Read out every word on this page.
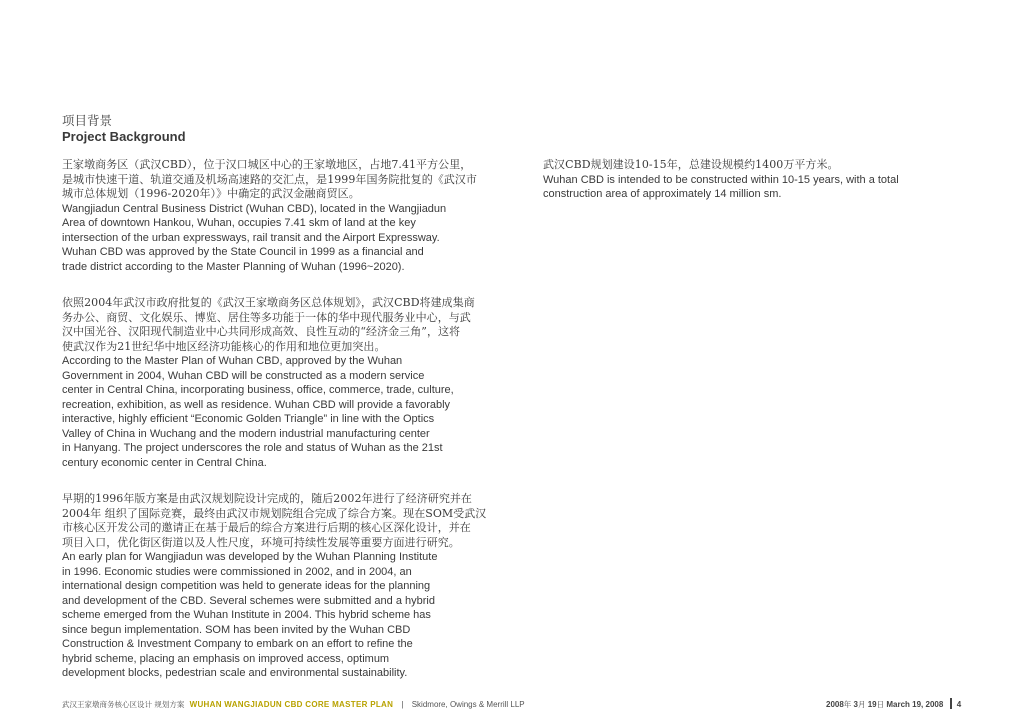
项目背景
Project Background

王家墩商务区（武汉CBD），位于汉口城区中心的王家墩地区，占地7.41平方公里，

是城市快速干道、轨道交通及机场高速路的交汇点，是1999年国务院批复的《武汉市

城市总体规划（1996-2020年）》中确定的武汉金融商贸区。

Wangjiadun Central Business District (Wuhan CBD), located in the Wangjiadun

Area of downtown Hankou, Wuhan, occupies 7.41 skm of land at the key

intersection of the urban expressways, rail transit and the Airport Expressway.

Wuhan CBD was approved by the State Council in 1999 as a financial and

trade district according to the Master Planning of Wuhan (1996~2020).

依照2004年武汉市政府批复的《武汉王家墩商务区总体规划》，武汉CBD将建成集商

务办公、商贸、文化娱乐、博览、居住等多功能于一体的华中现代服务业中心，与武

汉中国光谷、汉阳现代制造业中心共同形成高效、良性互动的“经济金三角”，这将

使武汉作为21世纪华中地区经济功能核心的作用和地位更加突出。

According to the Master Plan of Wuhan CBD, approved by the Wuhan

Government in 2004, Wuhan CBD will be constructed as a modern service

center in Central China, incorporating business, office, commerce, trade, culture,

recreation, exhibition, as well as residence. Wuhan CBD will provide a favorably

interactive, highly efficient “Economic Golden Triangle” in line with the Optics

Valley of China in Wuchang and the modern industrial manufacturing center

in Hanyang. The project underscores the role and status of Wuhan as the 21st

century economic center in Central China.

早期的1996年版方案是由武汉规划院设计完成的，随后2002年进行了经济研究并在

2004年 组织了国际竞赛，最终由武汉市规划院组合完成了综合方案。现在SOM受武汉

市核心区开发公司的邀请正在基于最后的综合方案进行后期的核心区深化设计，并在

项目入口，优化街区街道以及人性尺度，环境可持续性发展等重要方面进行研究。

An early plan for Wangjiadun was developed by the Wuhan Planning Institute

in 1996. Economic studies were commissioned in 2002, and in 2004, an

international design competition was held to generate ideas for the planning

and development of the CBD. Several schemes were submitted and a hybrid

scheme emerged from the Wuhan Institute in 2004. This hybrid scheme has

since begun implementation. SOM has been invited by the Wuhan CBD

Construction & Investment Company to embark on an effort to refine the

hybrid scheme, placing an emphasis on improved access, optimum

development blocks, pedestrian scale and environmental sustainability.

武汉CBD规划建设10-15年，总建设规模约1400万平方米。

Wuhan CBD is intended to be constructed within 10-15 years, with a total

construction area of approximately 14 million sm.

武汉王家墩商务核心区设计 规划方案 WUHAN WANGJIADUN CBD CORE MASTER PLAN | Skidmore, Owings & Merrill LLP	2008年 3月 19日 March 19, 2008 4
